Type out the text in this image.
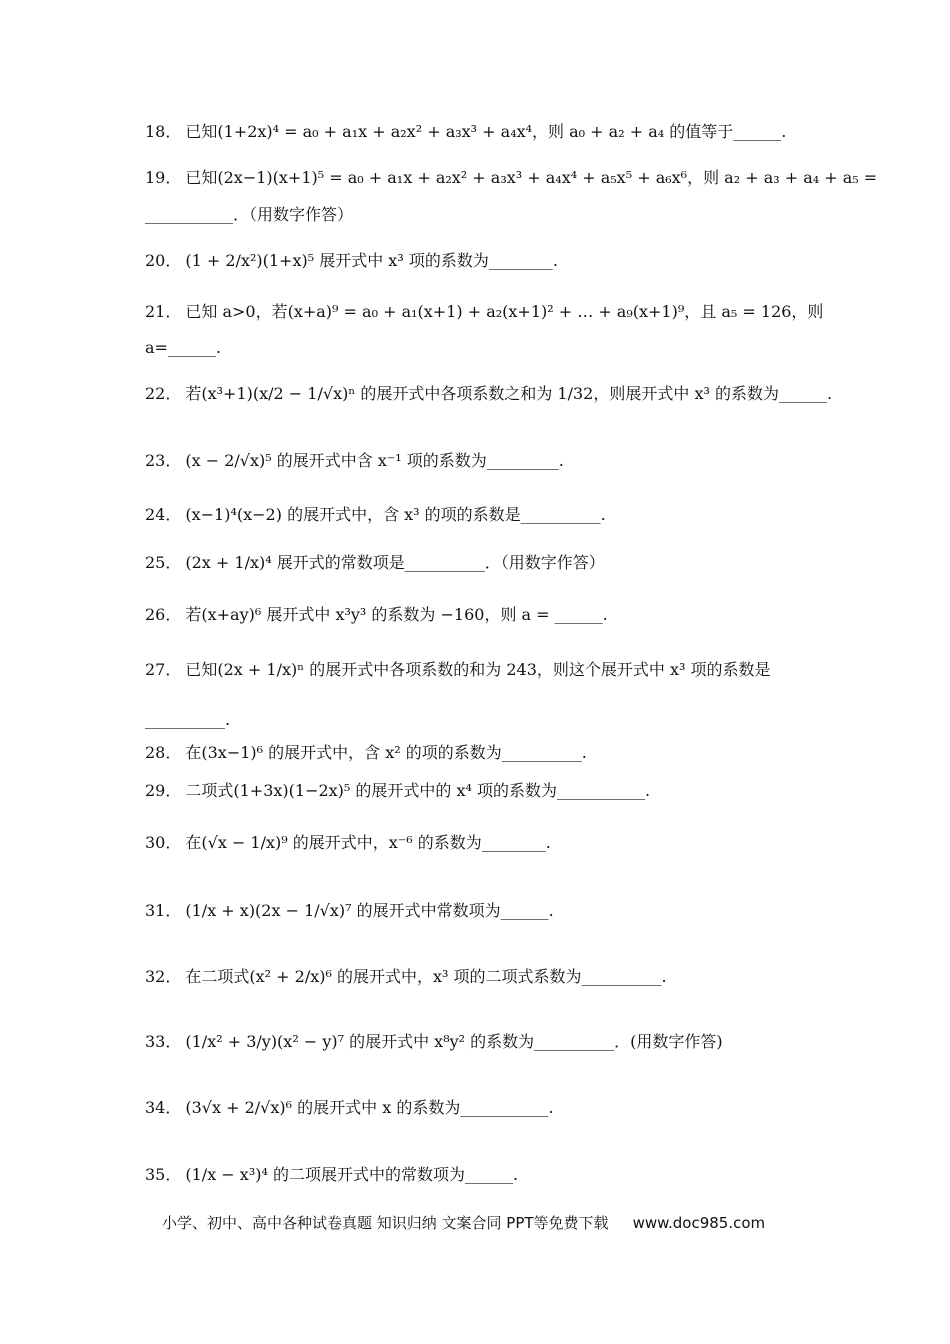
18． 已知(1+2x)⁴ = a₀ + a₁x + a₂x² + a₃x³ + a₄x⁴，则 a₀ + a₂ + a₄ 的值等于______.
19． 已知(2x−1)(x+1)⁵ = a₀ + a₁x + a₂x² + a₃x³ + a₄x⁴ + a₅x⁵ + a₆x⁶，则 a₂ + a₃ + a₄ + a₅ =
___________．（用数字作答）
20． (1 + 2/x²)(1+x)⁵ 展开式中 x³ 项的系数为________.
21． 已知 a>0，若(x+a)⁹ = a₀ + a₁(x+1) + a₂(x+1)² + … + a₉(x+1)⁹，且 a₅ = 126，则
a=______.
22． 若(x³+1)(x/2 − 1/√x)ⁿ 的展开式中各项系数之和为 1/32，则展开式中 x³ 的系数为______.
23． (x − 2/√x)⁵ 的展开式中含 x⁻¹ 项的系数为_________.
24． (x−1)⁴(x−2) 的展开式中，含 x³ 的项的系数是__________.
25． (2x + 1/x)⁴ 展开式的常数项是__________．（用数字作答）
26． 若(x+ay)⁶ 展开式中 x³y³ 的系数为 −160，则 a = ______.
27． 已知(2x + 1/x)ⁿ 的展开式中各项系数的和为 243，则这个展开式中 x³ 项的系数是
__________.
28． 在(3x−1)⁶ 的展开式中，含 x² 的项的系数为__________.
29． 二项式(1+3x)(1−2x)⁵ 的展开式中的 x⁴ 项的系数为___________.
30． 在(√x − 1/x)⁹ 的展开式中，x⁻⁶ 的系数为________.
31． (1/x + x)(2x − 1/√x)⁷ 的展开式中常数项为______.
32． 在二项式(x² + 2/x)⁶ 的展开式中，x³ 项的二项式系数为__________.
33． (1/x² + 3/y)(x² − y)⁷ 的展开式中 x⁸y² 的系数为__________．(用数字作答)
34． (3√x + 2/√x)⁶ 的展开式中 x 的系数为___________.
35． (1/x − x³)⁴ 的二项展开式中的常数项为______.
小学、初中、高中各种试卷真题 知识归纳 文案合同 PPT等免费下载 www.doc985.com
